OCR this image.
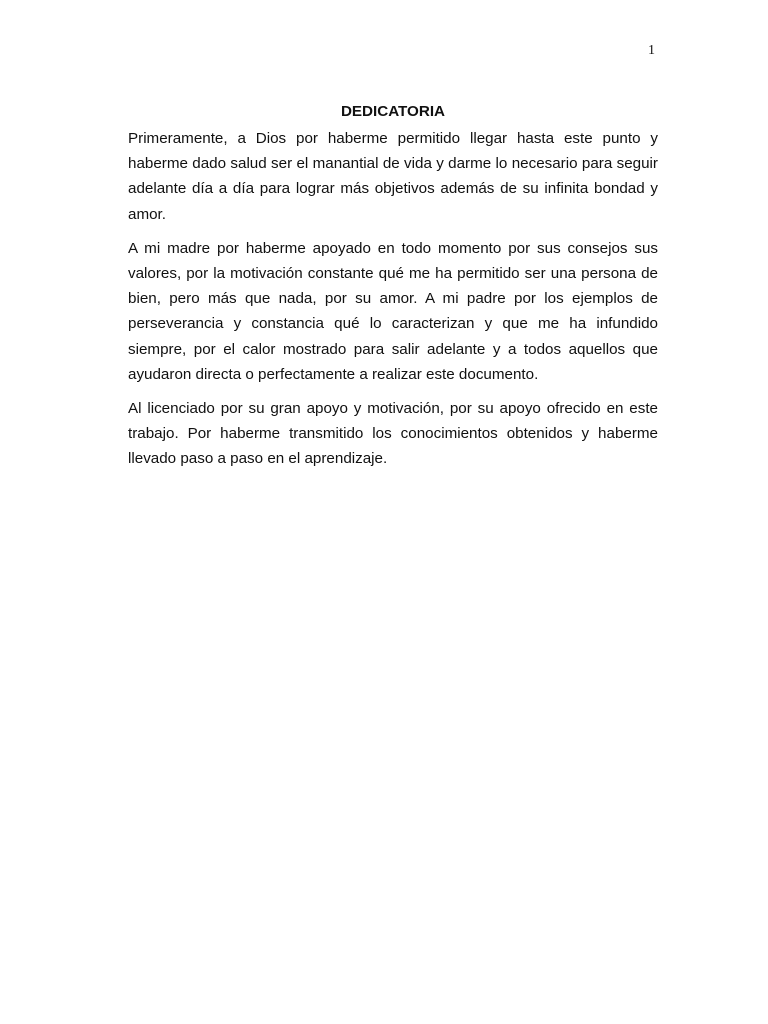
1
DEDICATORIA

Primeramente, a Dios por haberme permitido llegar hasta este punto y haberme dado salud ser el manantial de vida y darme lo necesario para seguir adelante día a día para lograr más objetivos además de su infinita bondad y amor.

A mi madre por haberme apoyado en todo momento por sus consejos sus valores, por la motivación constante qué me ha permitido ser una persona de bien, pero más que nada, por su amor. A mi padre por los ejemplos de perseverancia y constancia qué lo caracterizan y que me ha infundido siempre, por el calor mostrado para salir adelante y a todos aquellos que ayudaron directa o perfectamente a realizar este documento.

Al licenciado por su gran apoyo y motivación, por su apoyo ofrecido en este trabajo. Por haberme transmitido los conocimientos obtenidos y haberme llevado paso a paso en el aprendizaje.
